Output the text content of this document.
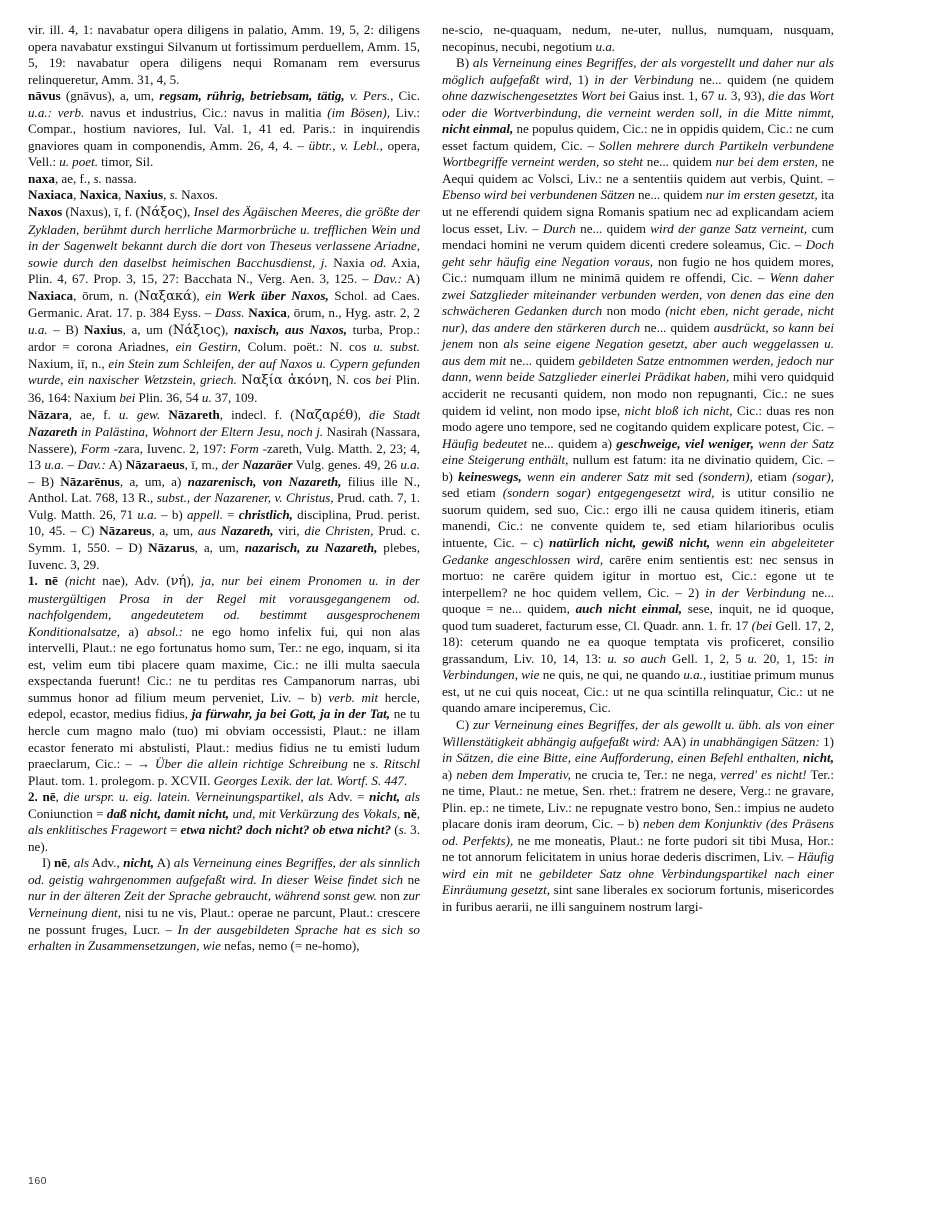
vir. ill. 4, 1: navabatur opera diligens in palatio, Amm. 19, 5, 2: diligens opera navabatur exstingui Silvanum ut fortissimum perduellem, Amm. 15, 5, 19: navabatur opera diligens nequi Romanam rem eversurus relinqueretur, Amm. 31, 4, 5.

nāvus (gnāvus), a, um, regsam, rührig, betriebsam, tätig, v. Pers., Cic. u.a.: verb. navus et industrius, Cic.: navus in malitia (im Bösen), Liv.: Compar., hostium naviores, Iul. Val. 1, 41 ed. Paris.: in inquirendis gnaviores quam in componendis, Amm. 26, 4, 4. – übtr., v. Lebl., opera, Vell.: u. poet. timor, Sil.

naxa, ae, f., s. nassa.

Naxiaca, Naxica, Naxius, s. Naxos.

Naxos (Naxus), ī, f. (Νάξος), Insel des Ägäischen Meeres, die größte der Zykladen, berühmt durch herrliche Marmorbrüche u. trefflichen Wein und in der Sagenwelt bekannt durch die dort von Theseus verlassene Ariadne, sowie durch den daselbst heimischen Bacchusdienst, j. Naxia od. Axia, Plin. 4, 67. Prop. 3, 15, 27: Bacchata N., Verg. Aen. 3, 125. – Dav.: A) Naxiaca, ōrum, n. (Ναξακά), ein Werk über Naxos, Schol. ad Caes. Germanic. Arat. 17. p. 384 Eyss. – Dass. Naxica, ōrum, n., Hyg. astr. 2, 2 u.a. – B) Naxius, a, um (Νάξιος), naxisch, aus Naxos, turba, Prop.: ardor = corona Ariadnes, ein Gestirn, Colum. poët.: N. cos u. subst. Naxium, iī, n., ein Stein zum Schleifen, der auf Naxos u. Cypern gefunden wurde, ein naxischer Wetzstein, griech. Ναξία ἀκόνη, N. cos bei Plin. 36, 164: Naxium bei Plin. 36, 54 u. 37, 109.

Nāzara, ae, f. u. gew. Nāzareth, indecl. f. (Ναζαρέθ), die Stadt Nazareth in Palästina, Wohnort der Eltern Jesu, noch j. Nasirah (Nassara, Nassere), Form -zara, Iuvenc. 2, 197: Form -zareth, Vulg. Matth. 2, 23; 4, 13 u.a. – Dav.: A) Nāzaraeus, ī, m., der Nazaräer Vulg. genes. 49, 26 u.a. – B) Nāzarēnus, a, um, a) nazarenisch, von Nazareth, filius ille N., Anthol. Lat. 768, 13 R., subst., der Nazarener, v. Christus, Prud. cath. 7, 1. Vulg. Matth. 26, 71 u.a. – b) appell. = christlich, disciplina, Prud. perist. 10, 45. – C) Nāzareus, a, um, aus Nazareth, viri, die Christen, Prud. c. Symm. 1, 550. – D) Nāzarus, a, um, nazarisch, zu Nazareth, plebes, Iuvenc. 3, 29.

1. nē (nicht nae), Adv. (νή), ja, nur bei einem Pronomen u. in der mustergültigen Prosa in der Regel mit vorausgegangenem od. nachfolgendem, angedeutetem od. bestimmt ausgesprochenem Konditionalsatze, a) absol.: ne ego homo infelix fui, qui non alas intervelli, Plaut.: ne ego fortunatus homo sum, Ter.: ne ego, inquam, si ita est, velim eum tibi placere quam maxime, Cic.: ne illi multa saecula exspectanda fuerunt! Cic.: ne tu perditas res Campanorum narras, ubi summus honor ad filium meum perveniet, Liv. – b) verb. mit hercle, edepol, ecastor, medius fidius, ja fürwahr, ja bei Gott, ja in der Tat, ne tu hercle cum magno malo (tuo) mi obviam occessisti, Plaut.: ne illam ecastor fenerato mi abstulisti, Plaut.: medius fidius ne tu emisti ludum praeclarum, Cic.: – → Über die allein richtige Schreibung ne s. Ritschl Plaut. tom. 1. prolegom. p. XCVII. Georges Lexik. der lat. Wortf. S. 447.

2. nē, die urspr. u. eig. latein. Verneinungspartikel, als Adv. = nicht, als Coniunction = daß nicht, damit nicht, und, mit Verkürzung des Vokals, nĕ, als enklitisches Fragewort = etwa nicht? doch nicht? ob etwa nicht? (s. 3. ne).

I) nē, als Adv., nicht, A) als Verneinung eines Begriffes, der als sinnlich od. geistig wahrgenommen aufgefaßt wird. In dieser Weise findet sich ne nur in der älteren Zeit der Sprache gebraucht, während sonst gew. non zur Verneinung dient, nisi tu ne vis, Plaut.: operae ne parcunt, Plaut.: crescere ne possunt fruges, Lucr. – In der ausgebildeten Sprache hat es sich so erhalten in Zusammensetzungen, wie nefas, nemo (= ne-homo),

ne-scio, ne-quaquam, nedum, ne-uter, nullus, numquam, nusquam, necopinus, necubi, negotium u.a.

B) als Verneinung eines Begriffes, der als vorgestellt und daher nur als möglich aufgefaßt wird, 1) in der Verbindung ne... quidem (ne quidem ohne dazwischengesetztes Wort bei Gaius inst. 1, 67 u. 3, 93), die das Wort oder die Wortverbindung, die verneint werden soll, in die Mitte nimmt, nicht einmal, ne populus quidem, Cic.: ne in oppidis quidem, Cic.: ne cum esset factum quidem, Cic. – Sollen mehrere durch Partikeln verbundene Wortbegriffe verneint werden, so steht ne... quidem nur bei dem ersten, ne Aequi quidem ac Volsci, Liv.: ne a sententiis quidem aut verbis, Quint. – Ebenso wird bei verbundenen Sätzen ne... quidem nur im ersten gesetzt, ita ut ne efferendi quidem signa Romanis spatium nec ad explicandam aciem locus esset, Liv. – Durch ne... quidem wird der ganze Satz verneint, cum mendaci homini ne verum quidem dicenti credere soleamus, Cic. – Doch geht sehr häufig eine Negation voraus, non fugio ne hos quidem mores, Cic.: numquam illum ne minimā quidem re offendi, Cic. – Wenn daher zwei Satzglieder miteinander verbunden werden, von denen das eine den schwächeren Gedanken durch non modo (nicht eben, nicht gerade, nicht nur), das andere den stärkeren durch ne... quidem ausdrückt, so kann bei jenem non als seine eigene Negation gesetzt, aber auch weggelassen u. aus dem mit ne... quidem gebildeten Satze entnommen werden, jedoch nur dann, wenn beide Satzglieder einerlei Prädikat haben, mihi vero quidquid acciderit ne recusanti quidem, non modo non repugnanti, Cic.: ne sues quidem id velint, non modo ipse, nicht bloß ich nicht, Cic.: duas res non modo agere uno tempore, sed ne cogitando quidem explicare potest, Cic. – Häufig bedeutet ne... quidem a) geschweige, viel weniger, wenn der Satz eine Steigerung enthält, nullum est fatum: ita ne divinatio quidem, Cic. – b) keineswegs, wenn ein anderer Satz mit sed (sondern), etiam (sogar), sed etiam (sondern sogar) entgegengesetzt wird, is utitur consilio ne suorum quidem, sed suo, Cic.: ergo illi ne causa quidem itineris, etiam manendi, Cic.: ne convente quidem te, sed etiam hilarioribus oculis intuente, Cic. – c) natürlich nicht, gewiß nicht, wenn ein abgeleiteter Gedanke angeschlossen wird, carēre enim sentientis est: nec sensus in mortuo: ne carēre quidem igitur in mortuo est, Cic.: egone ut te interpellem? ne hoc quidem vellem, Cic. – 2) in der Verbindung ne... quoque = ne... quidem, auch nicht einmal, sese, inquit, ne id quoque, quod tum suaderet, facturum esse, Cl. Quadr. ann. 1. fr. 17 (bei Gell. 17, 2, 18): ceterum quando ne ea quoque temptata vis proficeret, consilio grassandum, Liv. 10, 14, 13: u. so auch Gell. 1, 2, 5 u. 20, 1, 15: in Verbindungen, wie ne quis, ne qui, ne quando u.a., iustitiae primum munus est, ut ne cui quis noceat, Cic.: ut ne qua scintilla relinquatur, Cic.: ut ne quando amare inciperemus, Cic.

C) zur Verneinung eines Begriffes, der als gewollt u. übh. als von einer Willenstätigkeit abhängig aufgefaßt wird: AA) in unabhängigen Sätzen: 1) in Sätzen, die eine Bitte, eine Aufforderung, einen Befehl enthalten, nicht, a) neben dem Imperativ, ne crucia te, Ter.: ne nega, verred' es nicht! Ter.: ne time, Plaut.: ne metue, Sen. rhet.: fratrem ne desere, Verg.: ne gravare, Plin. ep.: ne timete, Liv.: ne repugnate vestro bono, Sen.: impius ne audeto placare donis iram deorum, Cic. – b) neben dem Konjunktiv (des Präsens od. Perfekts), ne me moneatis, Plaut.: ne forte pudori sit tibi Musa, Hor.: ne tot annorum felicitatem in unius horae dederis discrimen, Liv. – Häufig wird ein mit ne gebildeter Satz ohne Verbindungspartikel nach einer Einräumung gesetzt, sint sane liberales ex sociorum fortunis, misericordes in furibus aerarii, ne illi sanguinem nostrum largi-

160
